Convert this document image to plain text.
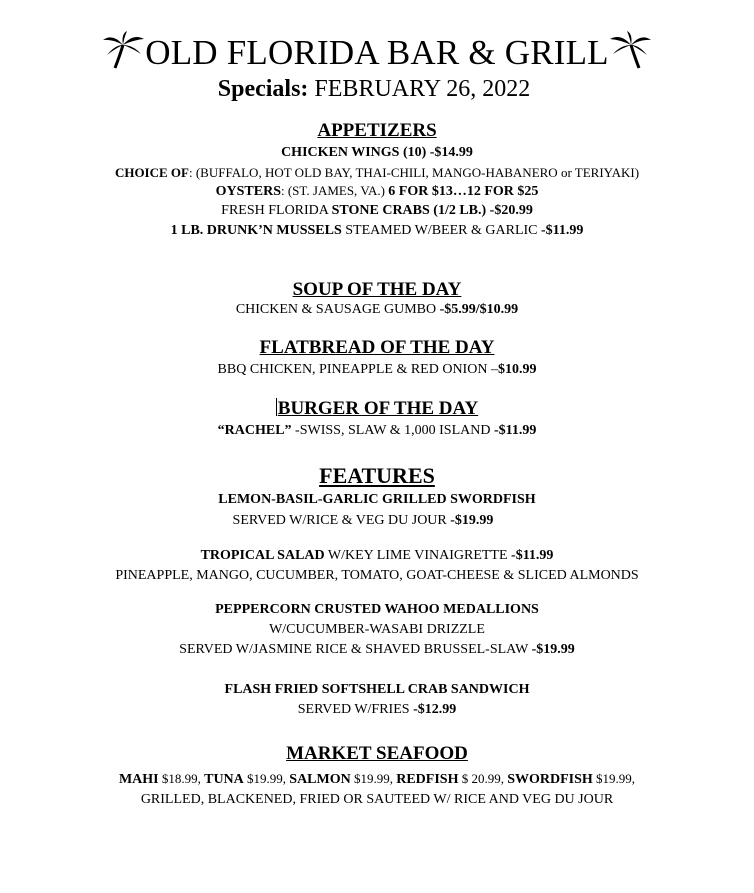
OLD FLORIDA BAR & GRILL
Specials: FEBRUARY 26, 2022
APPETIZERS
CHICKEN WINGS (10) -$14.99
CHOICE OF: (BUFFALO, HOT OLD BAY, THAI-CHILI, MANGO-HABANERO or TERIYAKI)
OYSTERS: (ST. JAMES, VA.) 6 FOR $13…12 FOR $25
FRESH FLORIDA STONE CRABS (1/2 LB.) -$20.99
1 LB. DRUNK’N MUSSELS STEAMED W/BEER & GARLIC -$11.99
SOUP OF THE DAY
CHICKEN & SAUSAGE GUMBO -$5.99/$10.99
FLATBREAD OF THE DAY
BBQ CHICKEN, PINEAPPLE & RED ONION –$10.99
BURGER OF THE DAY
“RACHEL” -SWISS, SLAW & 1,000 ISLAND -$11.99
FEATURES
LEMON-BASIL-GARLIC GRILLED SWORDFISH
SERVED W/RICE & VEG DU JOUR -$19.99
TROPICAL SALAD W/KEY LIME VINAIGRETTE -$11.99
PINEAPPLE, MANGO, CUCUMBER, TOMATO, GOAT-CHEESE & SLICED ALMONDS
PEPPERCORN CRUSTED WAHOO MEDALLIONS
W/CUCUMBER-WASABI DRIZZLE
SERVED W/JASMINE RICE & SHAVED BRUSSEL-SLAW -$19.99
FLASH FRIED SOFTSHELL CRAB SANDWICH
SERVED W/FRIES -$12.99
MARKET SEAFOOD
MAHI $18.99, TUNA $19.99, SALMON $19.99, REDFISH $ 20.99, SWORDFISH $19.99,
GRILLED, BLACKENED, FRIED OR SAUTEED W/ RICE AND VEG DU JOUR
